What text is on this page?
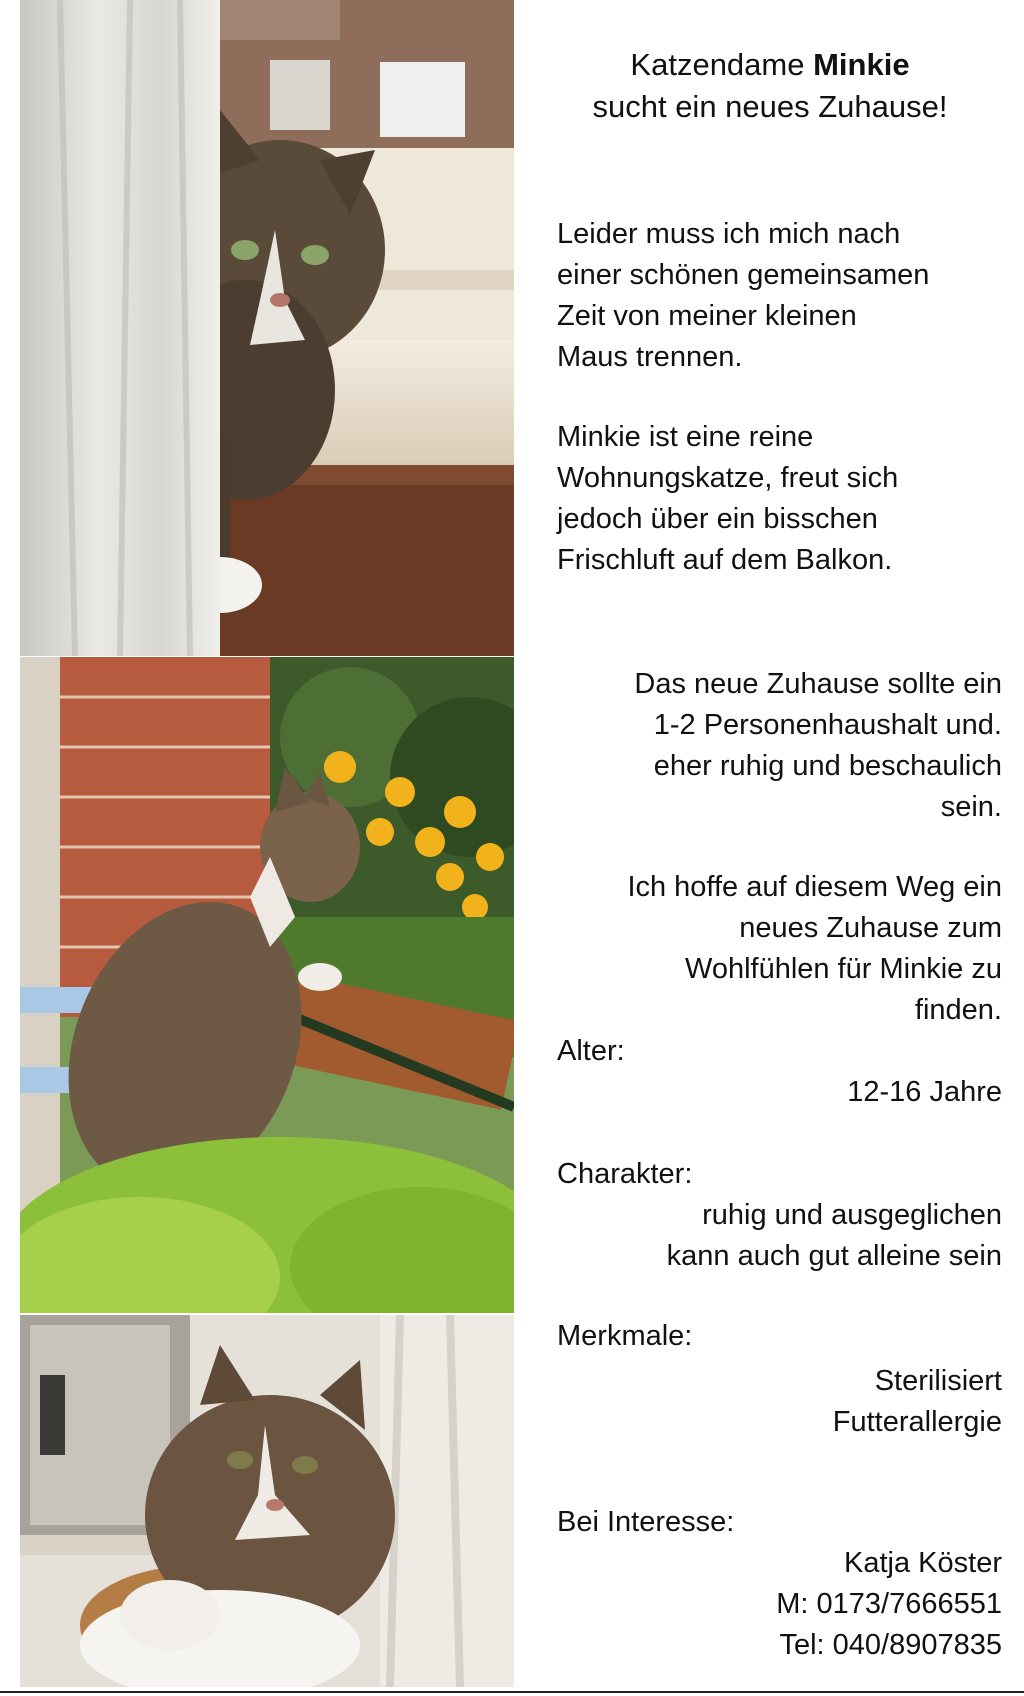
Katzendame Minkie
sucht ein neues Zuhause!
Leider muss ich mich nach
einer schönen gemeinsamen
Zeit von meiner kleinen
Maus trennen.
Minkie ist eine reine
Wohnungskatze, freut sich
jedoch über ein bisschen
Frischluft auf dem Balkon.
Das neue Zuhause sollte ein
1-2 Personenhaushalt und.
eher ruhig und beschaulich
sein.
Ich hoffe auf diesem Weg ein
neues Zuhause zum
Wohlfühlen für Minkie zu
finden.
Alter:
12-16 Jahre
Charakter:
ruhig und ausgeglichen
kann auch gut alleine sein
Merkmale:
Sterilisiert
Futterallergie
Bei Interesse:
Katja Köster
M: 0173/7666551
Tel: 040/8907835
